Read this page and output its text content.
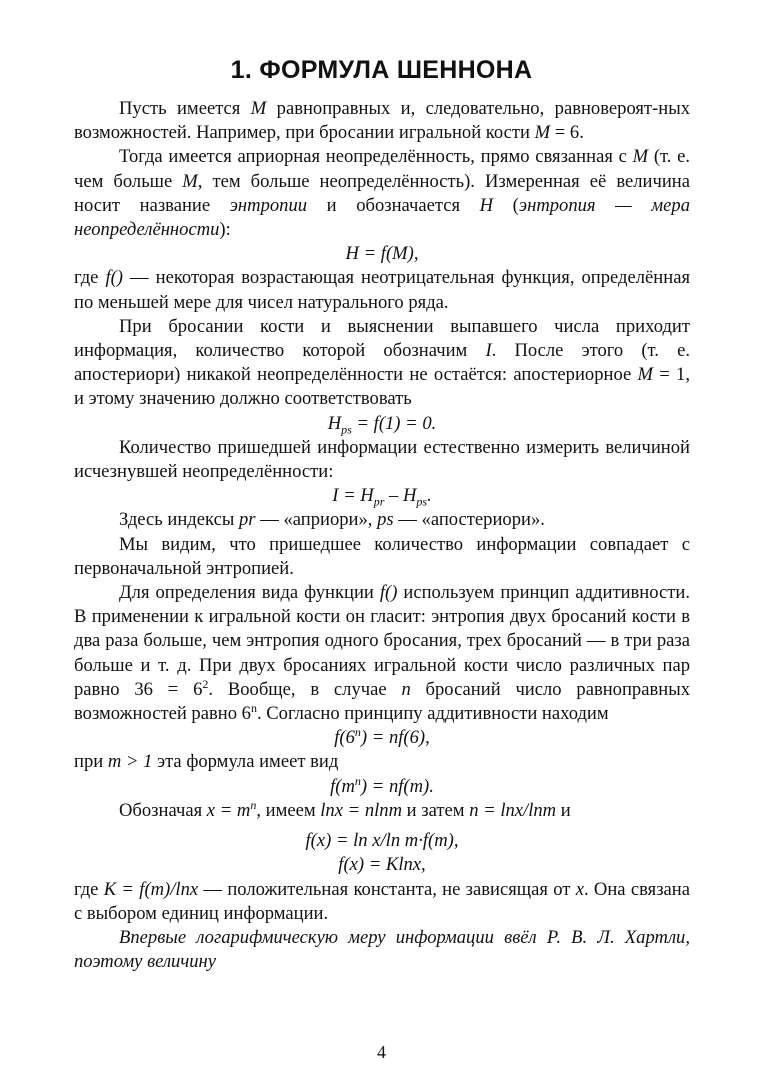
1. ФОРМУЛА ШЕННОНА

Пусть имеется M равноправных и, следовательно, равновероят-ных возможностей. Например, при бросании игральной кости M = 6.

Тогда имеется априорная неопределённость, прямо связанная с M (т. е. чем больше M, тем больше неопределённость). Измеренная её величина носит название энтропии и обозначается H (энтропия — мера неопределённости):

H = f(M),

где f() — некоторая возрастающая неотрицательная функция, определённая по меньшей мере для чисел натурального ряда.

При бросании кости и выяснении выпавшего числа приходит информация, количество которой обозначим I. После этого (т. е. апостериори) никакой неопределённости не остаётся: апостериорное M = 1, и этому значению должно соответствовать

$H_{ps} = f(1) = 0$.

Количество пришедшей информации естественно измерить величиной исчезнувшей неопределённости:

$I = H_{pr} - H_{ps}$.

Здесь индексы pr — «априори», ps — «апостериори».

Мы видим, что пришедшее количество информации совпадает с первоначальной энтропией.

Для определения вида функции f() используем принцип аддитивности. В применении к игральной кости он гласит: энтропия двух бросаний кости в два раза больше, чем энтропия одного бросания, трех бросаний — в три раза больше и т. д. При двух бросаниях игральной кости число различных пар равно $36 = 6^2$. Вообще, в случае n бросаний число равноправных возможностей равно 6$^n$. Согласно принципу аддитивности находим

$f(6^n) = nf(6)$,

при m > 1 эта формула имеет вид

$f(m^n) = nf(m)$.

Обозначая $x = m^n$, имеем lnx = nlnm и затем n = lnx/lnm и

f(x) = ln x/ln m·f(m),
f(x) = Klnx,

где K = f(m)/lnx — положительная константа, не зависящая от x. Она связана с выбором единиц информации.

Впервые логарифмическую меру информации ввёл Р. В. Л. Хартли, поэтому величину

4
